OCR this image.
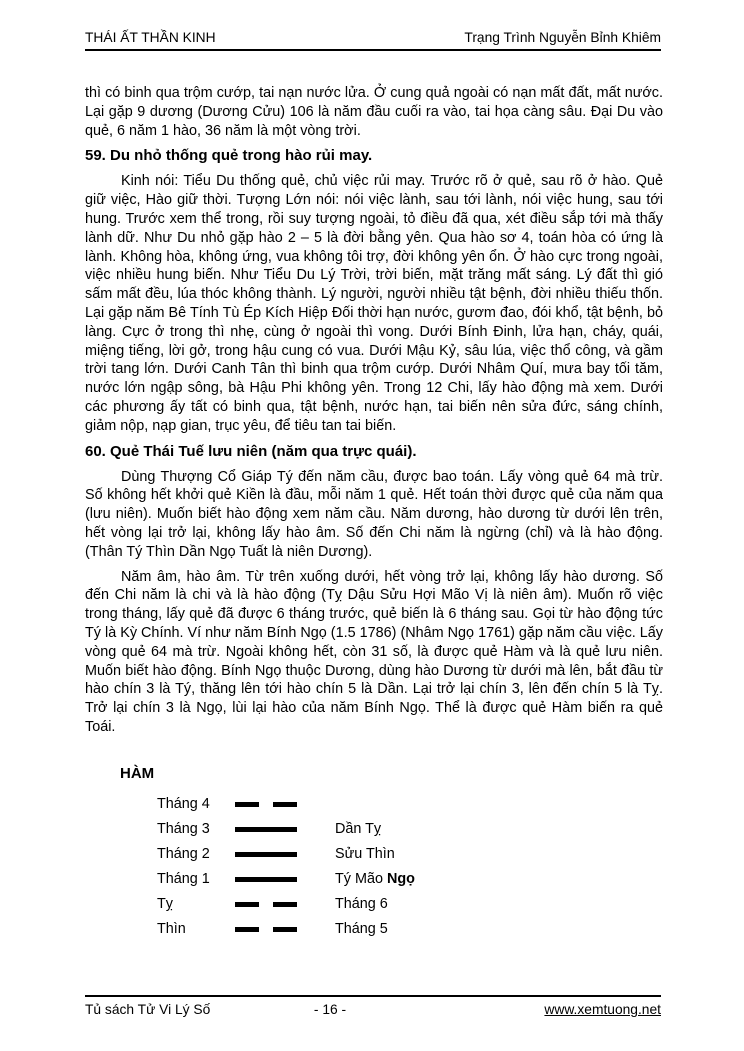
THÁI ẤT THẦN KINH	Trạng Trình Nguyễn Bỉnh Khiêm

thì có binh qua trộm cướp, tai nạn nước lửa. Ở cung quả ngoài có nạn mất đất, mất nước. Lại gặp 9 dương (Dương Cửu) 106 là năm đầu cuối ra vào, tai họa càng sâu. Đại Du vào quẻ, 6 năm 1 hào, 36 năm là một vòng trời.

59. Du nhỏ thống quẻ trong hào rủi may.

Kinh nói: Tiểu Du thống quẻ, chủ việc rủi may. Trước rõ ở quẻ, sau rõ ở hào. Quẻ giữ việc, Hào giữ thời. Tượng Lớn nói: nói việc lành, sau tới lành, nói việc hung, sau tới hung. Trước xem thể trong, rồi suy tượng ngoài, tỏ điều đã qua, xét điều sắp tới mà thấy lành dữ. Như Du nhỏ gặp hào 2 – 5 là đời bằng yên. Qua hào sơ 4, toán hòa có ứng là lành. Không hòa, không ứng, vua không tôi trợ, đời không yên ổn. Ở hào cực trong ngoài, việc nhiều hung biến. Như Tiểu Du Lý Trời, trời biến, mặt trăng mất sáng. Lý đất thì gió sấm mất đều, lúa thóc không thành. Lý người, người nhiều tật bệnh, đời nhiều thiếu thốn. Lại gặp năm Bê Tính Tù Ép Kích Hiệp Đối thời hạn nước, gươm đao, đói khổ, tật bệnh, bỏ làng. Cực ở trong thì nhẹ, cùng ở ngoài thì vong. Dưới Bính Đinh, lửa hạn, cháy, quái, miệng tiếng, lời gở, trong hậu cung có vua. Dưới Mậu Kỷ, sâu lúa, việc thổ công, và gầm trời tang lớn. Dưới Canh Tân thì binh qua trộm cướp. Dưới Nhâm Quí, mưa bay tối tăm, nước lớn ngập sông, bà Hậu Phi không yên. Trong 12 Chi, lấy hào động mà xem. Dưới các phương ấy tất có binh qua, tật bệnh, nước hạn, tai biến nên sửa đức, sáng chính, giảm nộp, nạp gian, trục yêu, để tiêu tan tai biến.

60. Quẻ Thái Tuế lưu niên (năm qua trực quái).

Dùng Thượng Cổ Giáp Tý đến năm cầu, được bao toán. Lấy vòng quẻ 64 mà trừ. Số không hết khởi quẻ Kiền là đầu, mỗi năm 1 quẻ. Hết toán thời được quẻ của năm qua (lưu niên). Muốn biết hào động xem năm cầu. Năm dương, hào dương từ dưới lên trên, hết vòng lại trở lại, không lấy hào âm. Số đến Chi năm là ngừng (chỉ) và là hào động. (Thân Tý Thìn Dần Ngọ Tuất là niên Dương).

Năm âm, hào âm. Từ trên xuống dưới, hết vòng trở lại, không lấy hào dương. Số đến Chi năm là chi và là hào động (Tỵ Dậu Sửu Hợi Mão Vị là niên âm). Muốn rõ việc trong tháng, lấy quẻ đã được 6 tháng trước, quẻ biến là 6 tháng sau. Gọi từ hào động tức Tý là Kỳ Chính. Ví như năm Bính Ngọ (1.5 1786) (Nhâm Ngọ 1761) gặp năm cầu việc. Lấy vòng quẻ 64 mà trừ. Ngoài không hết, còn 31 số, là được quẻ Hàm và là quẻ lưu niên. Muốn biết hào động. Bính Ngọ thuộc Dương, dùng hào Dương từ dưới mà lên, bắt đầu từ hào chín 3 là Tý, thăng lên tới hào chín 5 là Dần. Lại trở lại chín 3, lên đến chín 5 là Tỵ. Trở lại chín 3 là Ngọ, lùi lại hào của năm Bính Ngọ. Thể là được quẻ Hàm biến ra quẻ Toái.

HÀM
Tháng 4
Tháng 3	Dần Tỵ
Tháng 2	Sửu Thìn
Tháng 1	Tý Mão Ngọ
Tỵ	Tháng 6
Thìn	Tháng 5
Tủ sách Tử Vi Lý Số	- 16 -	www.xemtuong.net
